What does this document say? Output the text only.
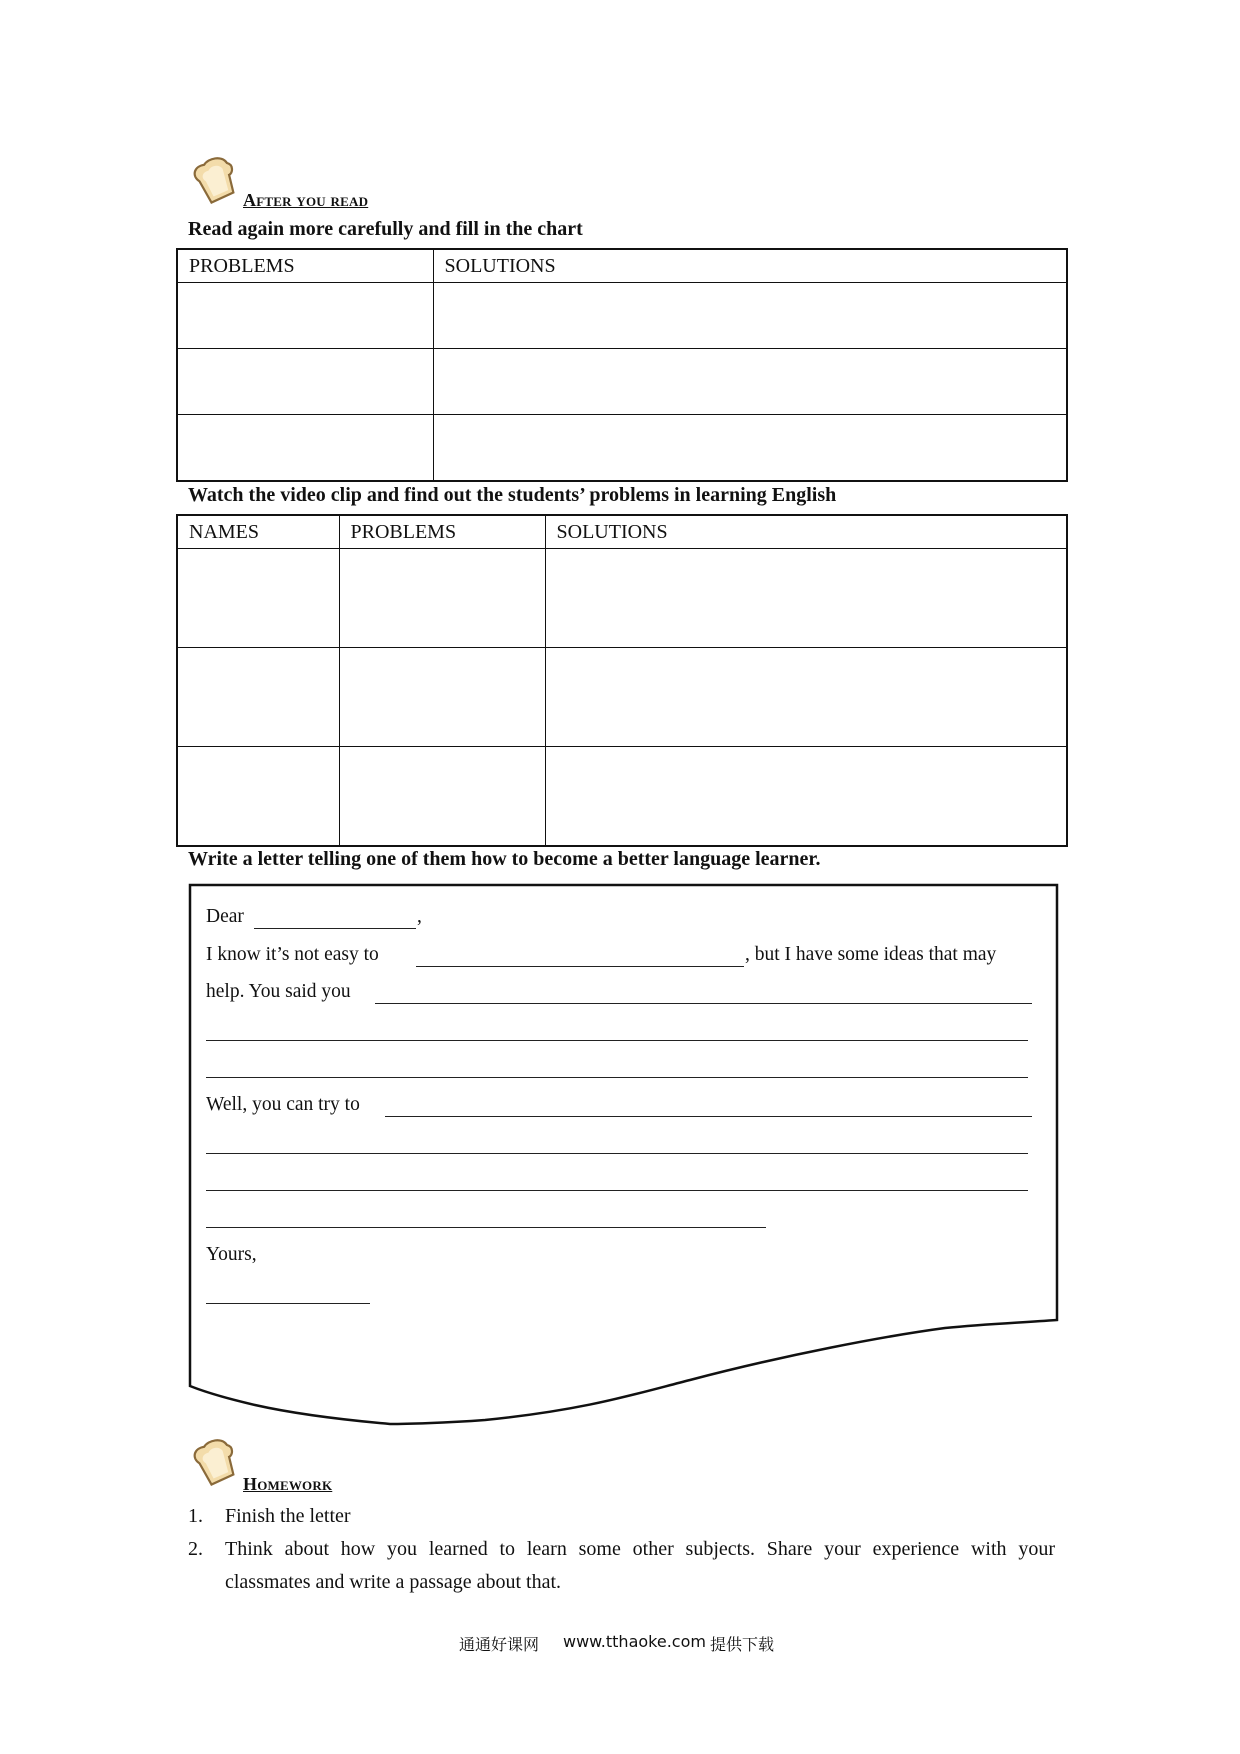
After you read
Read again more carefully and fill in the chart
PROBLEMS	SOLUTIONS

Watch the video clip and find out the students’ problems in learning English
NAMES	PROBLEMS	SOLUTIONS

Write a letter telling one of them how to become a better language learner.
Dear	,
I know it’s not easy to	, but I have some ideas that may
help. You said you
Well, you can try to
Yours,
Homework
1. Finish the letter
2. Think about how you learned to learn some other subjects. Share your experience with your
classmates and write a passage about that.
通通好课网 www.tthaoke.com 提供下载
